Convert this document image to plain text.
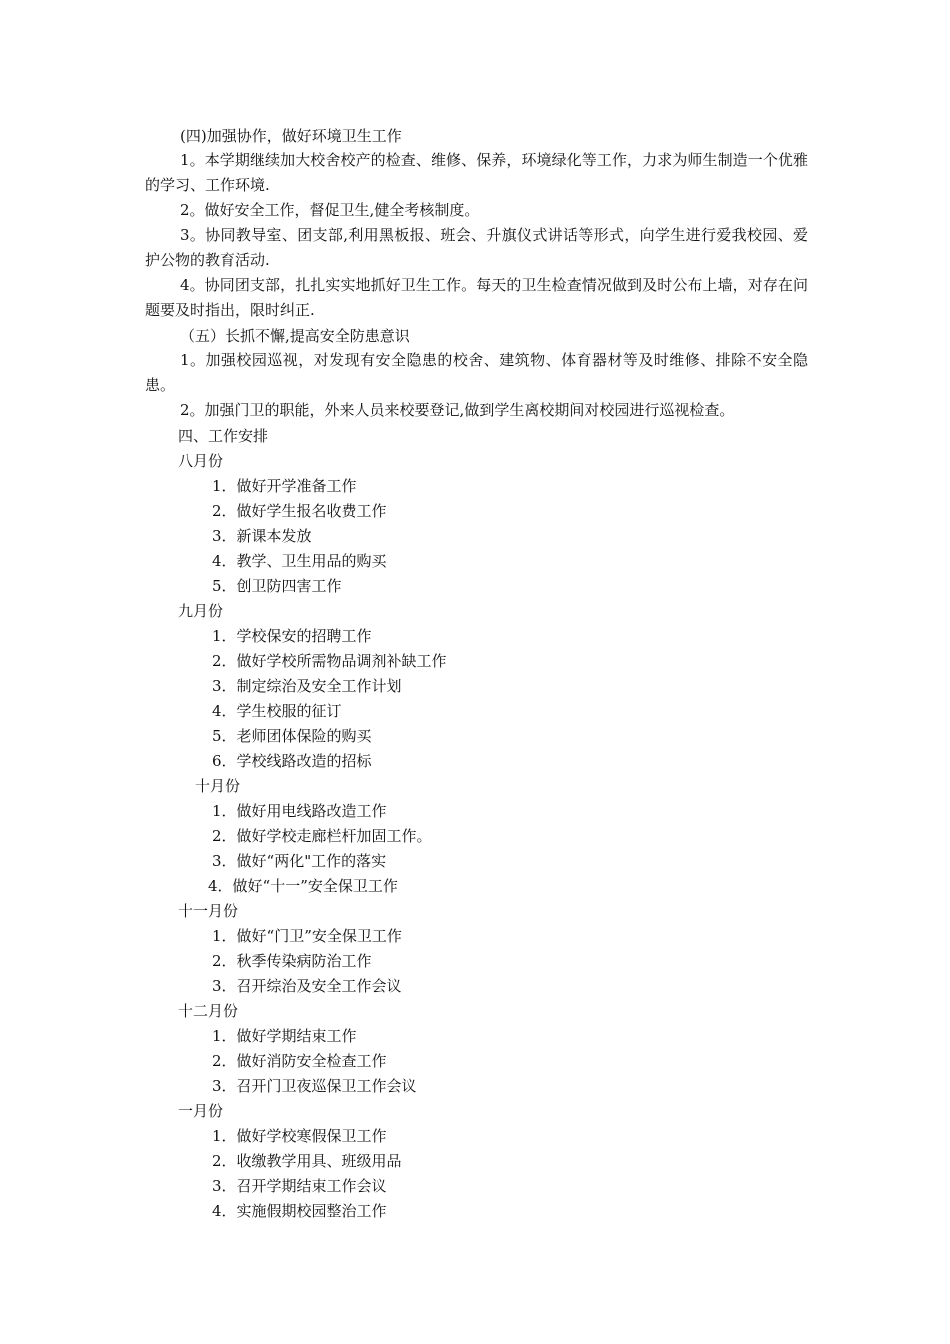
(四)加强协作，做好环境卫生工作
1。本学期继续加大校舍校产的检查、维修、保养，环境绿化等工作，力求为师生制造一个优雅的学习、工作环境.
2。做好安全工作，督促卫生,健全考核制度。
3。协同教导室、团支部,利用黑板报、班会、升旗仪式讲话等形式，向学生进行爱我校园、爱护公物的教育活动.
4。协同团支部，扎扎实实地抓好卫生工作。每天的卫生检查情况做到及时公布上墙，对存在问题要及时指出，限时纠正.
（五）长抓不懈,提高安全防患意识
1。加强校园巡视，对发现有安全隐患的校舍、建筑物、体育器材等及时维修、排除不安全隐患。
2。加强门卫的职能，外来人员来校要登记,做到学生离校期间对校园进行巡视检查。
四、工作安排
八月份
1．做好开学准备工作
2．做好学生报名收费工作
3．新课本发放
4．教学、卫生用品的购买
5．创卫防四害工作
九月份
1．学校保安的招聘工作
2．做好学校所需物品调剂补缺工作
3．制定综治及安全工作计划
4．学生校服的征订
5．老师团体保险的购买
6．学校线路改造的招标
十月份
1．做好用电线路改造工作
2．做好学校走廊栏杆加固工作。
3．做好“两化"工作的落实
4．做好“十一”安全保卫工作
十一月份
1．做好“门卫”安全保卫工作
2．秋季传染病防治工作
3．召开综治及安全工作会议
十二月份
1．做好学期结束工作
2．做好消防安全检查工作
3．召开门卫夜巡保卫工作会议
一月份
1．做好学校寒假保卫工作
2．收缴教学用具、班级用品
3．召开学期结束工作会议
4．实施假期校园整治工作
